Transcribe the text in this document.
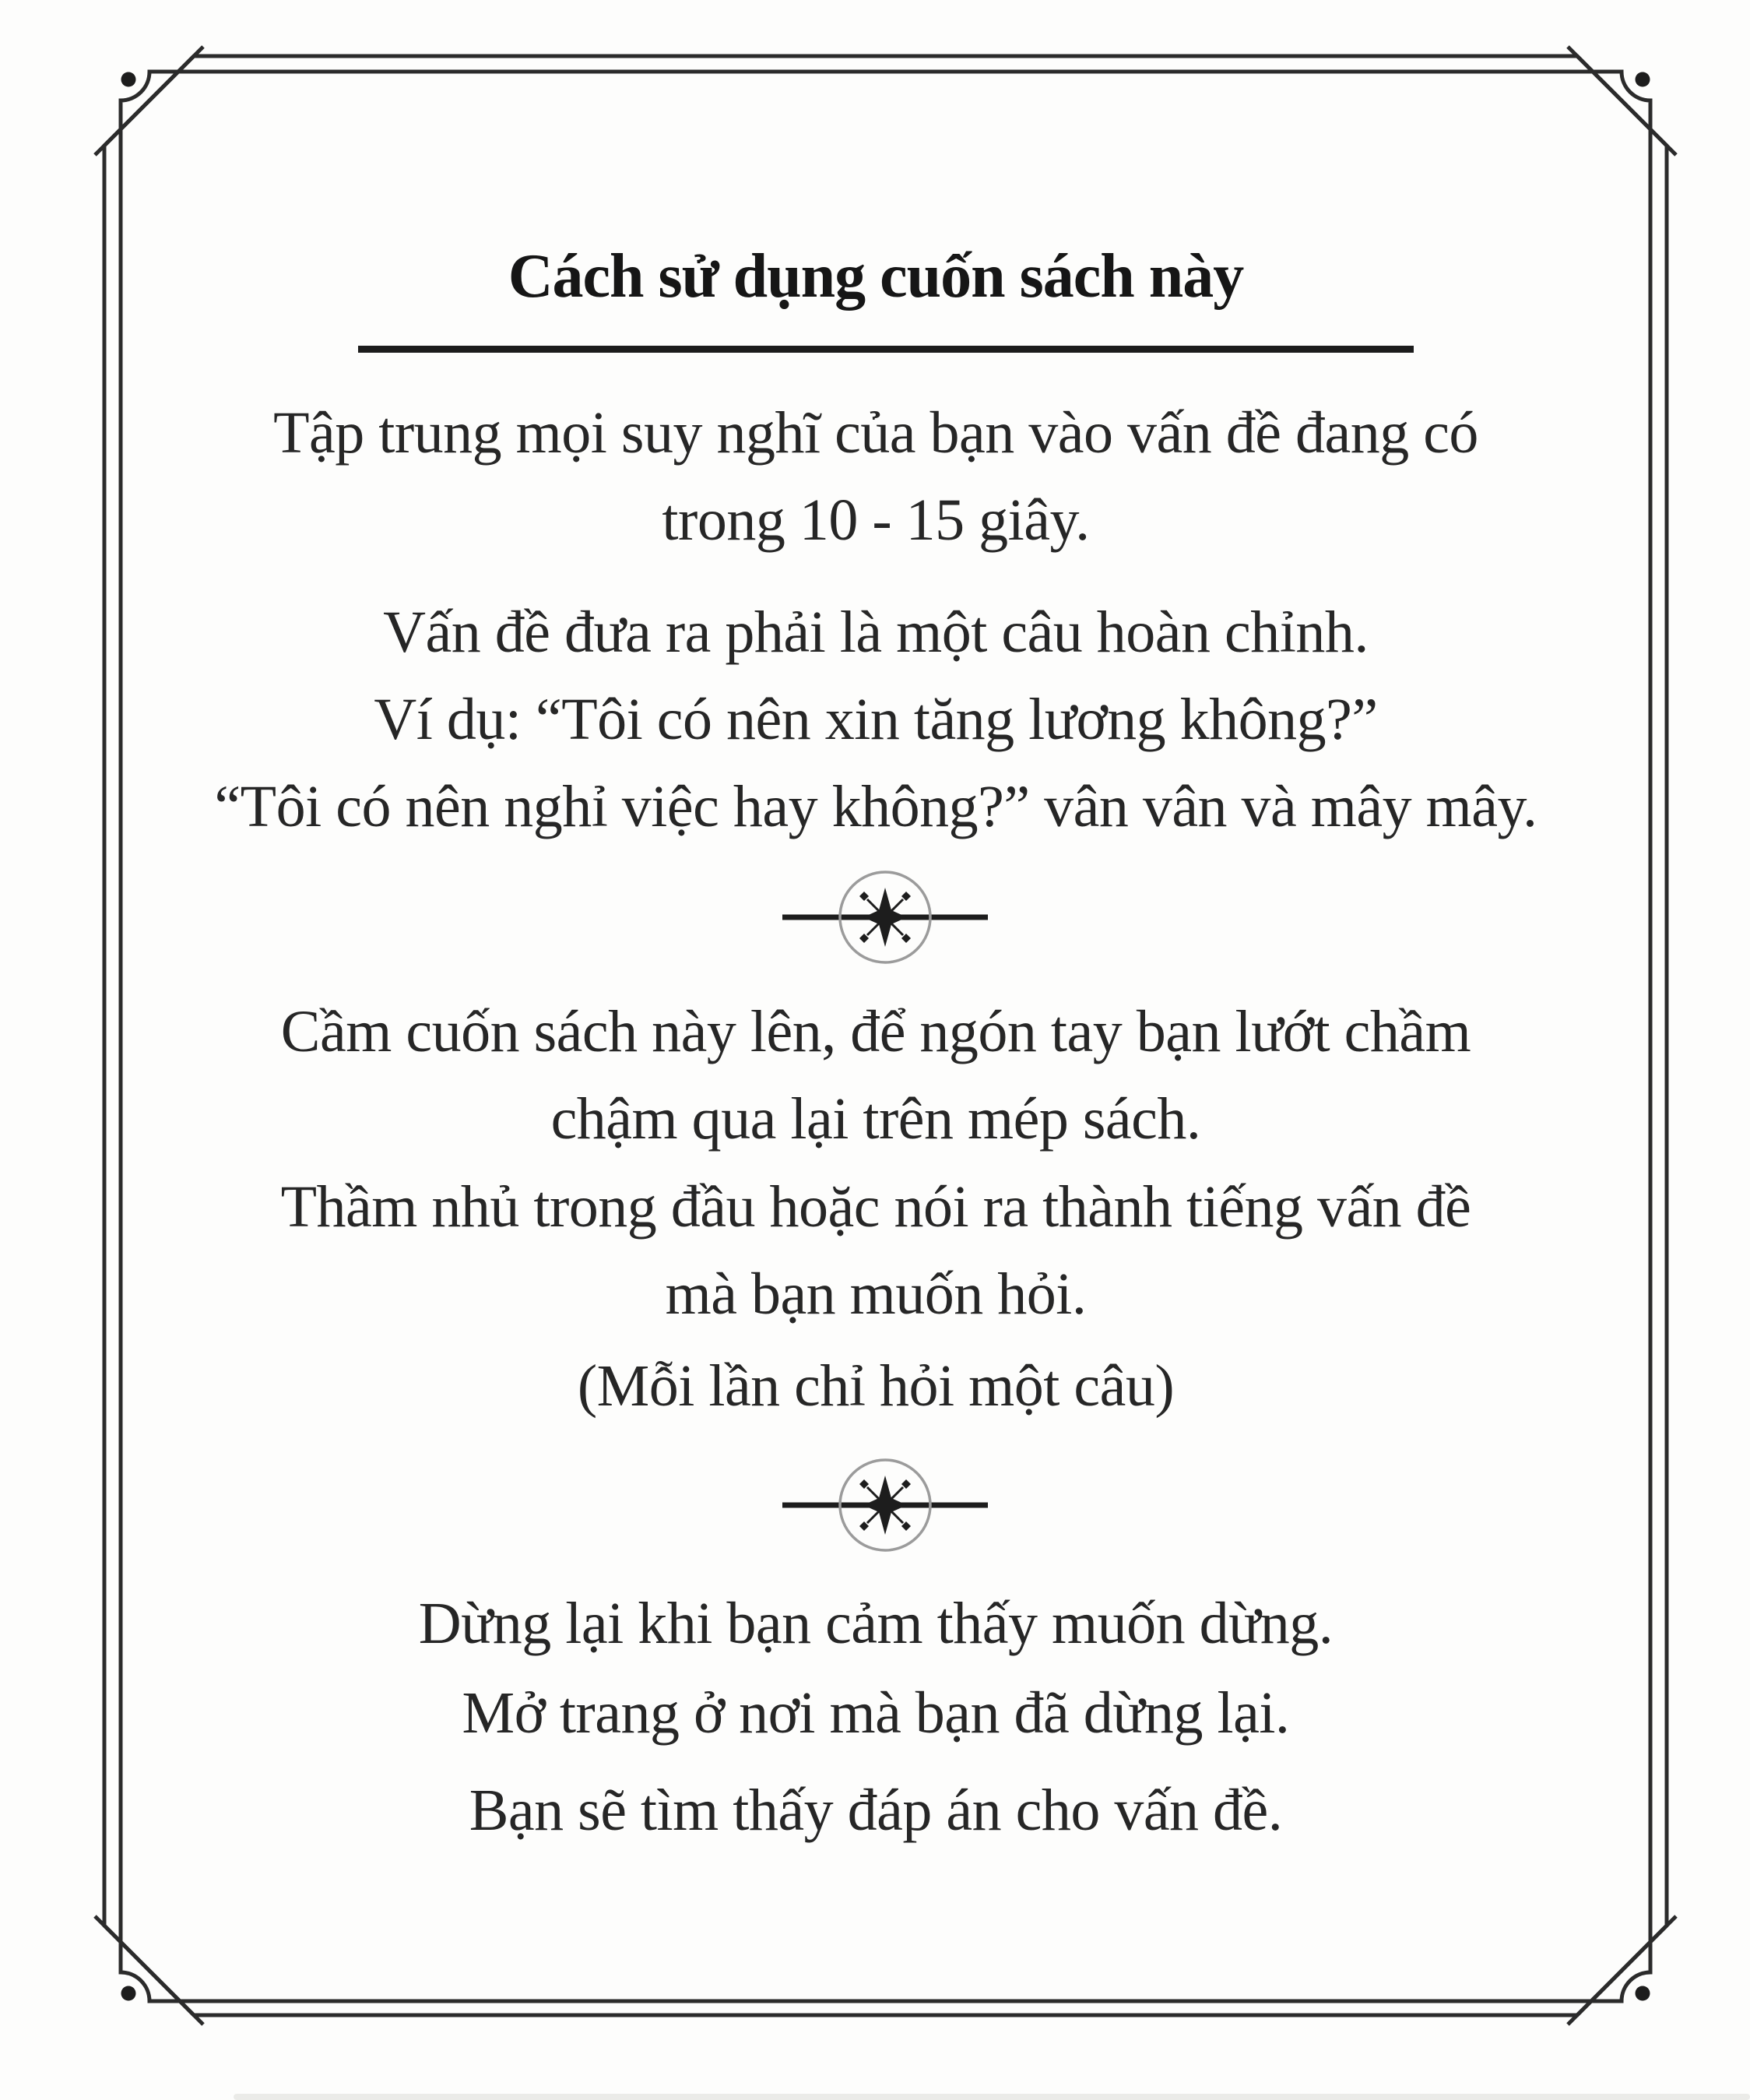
Cách sử dụng cuốn sách này

Tập trung mọi suy nghĩ của bạn vào vấn đề đang có
trong 10 - 15 giây.

Vấn đề đưa ra phải là một câu hoàn chỉnh.
Ví dụ: “Tôi có nên xin tăng lương không?”
“Tôi có nên nghỉ việc hay không?” vân vân và mây mây.

Cầm cuốn sách này lên, để ngón tay bạn lướt chầm
chậm qua lại trên mép sách.

Thầm nhủ trong đầu hoặc nói ra thành tiếng vấn đề
mà bạn muốn hỏi.

(Mỗi lần chỉ hỏi một câu)

Dừng lại khi bạn cảm thấy muốn dừng.

Mở trang ở nơi mà bạn đã dừng lại.

Bạn sẽ tìm thấy đáp án cho vấn đề.
